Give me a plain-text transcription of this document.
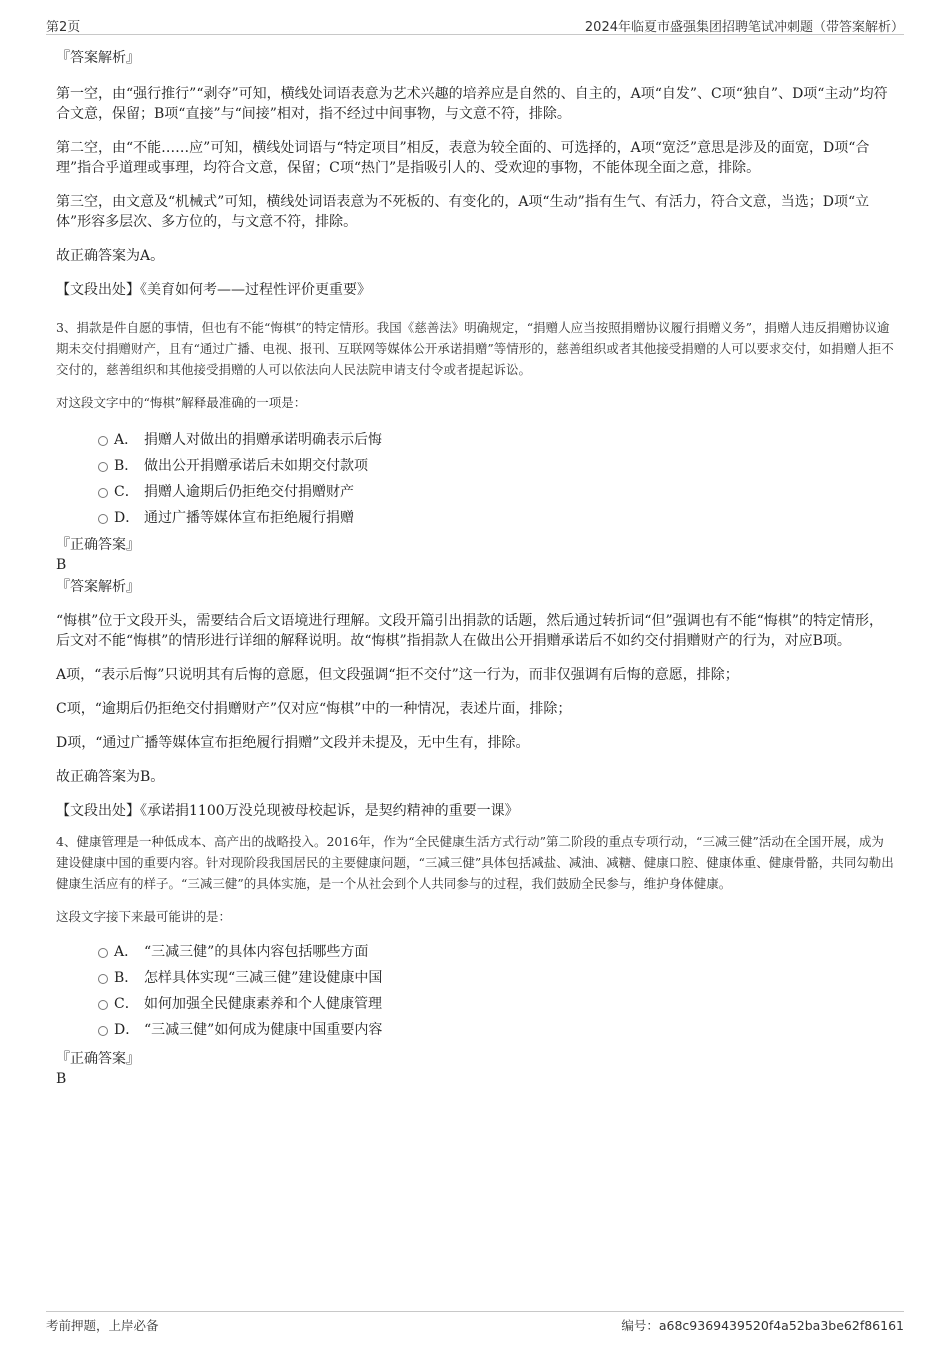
第2页	2024年临夏市盛强集团招聘笔试冲刺题（带答案解析）

『答案解析』

第一空，由“强行推行”“剥夺”可知，横线处词语表意为艺术兴趣的培养应是自然的、自主的，A项“自发”、C项“独自”、D项“主动”均符合文意，保留；B项“直接”与“间接”相对，指不经过中间事物，与文意不符，排除。

第二空，由“不能……应”可知，横线处词语与“特定项目”相反，表意为较全面的、可选择的，A项“宽泛”意思是涉及的面宽，D项“合理”指合乎道理或事理，均符合文意，保留；C项“热门”是指吸引人的、受欢迎的事物，不能体现全面之意，排除。

第三空，由文意及“机械式”可知，横线处词语表意为不死板的、有变化的，A项“生动”指有生气、有活力，符合文意，当选；D项“立体”形容多层次、多方位的，与文意不符，排除。

故正确答案为A。

【文段出处】《美育如何考——过程性评价更重要》

3、捐款是件自愿的事情，但也有不能“悔棋”的特定情形。我国《慈善法》明确规定，“捐赠人应当按照捐赠协议履行捐赠义务”，捐赠人违反捐赠协议逾期未交付捐赠财产，且有“通过广播、电视、报刊、互联网等媒体公开承诺捐赠”等情形的，慈善组织或者其他接受捐赠的人可以要求交付，如捐赠人拒不交付的，慈善组织和其他接受捐赠的人可以依法向人民法院申请支付令或者提起诉讼。

对这段文字中的“悔棋”解释最准确的一项是：

A． 捐赠人对做出的捐赠承诺明确表示后悔
B． 做出公开捐赠承诺后未如期交付款项
C． 捐赠人逾期后仍拒绝交付捐赠财产
D． 通过广播等媒体宣布拒绝履行捐赠

『正确答案』

B

『答案解析』

“悔棋”位于文段开头，需要结合后文语境进行理解。文段开篇引出捐款的话题，然后通过转折词“但”强调也有不能“悔棋”的特定情形，后文对不能“悔棋”的情形进行详细的解释说明。故“悔棋”指捐款人在做出公开捐赠承诺后不如约交付捐赠财产的行为，对应B项。

A项，“表示后悔”只说明其有后悔的意愿，但文段强调“拒不交付”这一行为，而非仅强调有后悔的意愿，排除；

C项，“逾期后仍拒绝交付捐赠财产”仅对应“悔棋”中的一种情况，表述片面，排除；

D项，“通过广播等媒体宣布拒绝履行捐赠”文段并未提及，无中生有，排除。

故正确答案为B。

【文段出处】《承诺捐1100万没兑现被母校起诉，是契约精神的重要一课》

4、健康管理是一种低成本、高产出的战略投入。2016年，作为“全民健康生活方式行动”第二阶段的重点专项行动，“三减三健”活动在全国开展，成为建设健康中国的重要内容。针对现阶段我国居民的主要健康问题，“三减三健”具体包括减盐、减油、减糖、健康口腔、健康体重、健康骨骼，共同勾勒出健康生活应有的样子。“三减三健”的具体实施，是一个从社会到个人共同参与的过程，我们鼓励全民参与，维护身体健康。

这段文字接下来最可能讲的是：

A． “三减三健”的具体内容包括哪些方面
B． 怎样具体实现“三减三健”建设健康中国
C． 如何加强全民健康素养和个人健康管理
D． “三减三健”如何成为健康中国重要内容

『正确答案』

B

考前押题，上岸必备	编号：a68c9369439520f4a52ba3be62f86161
